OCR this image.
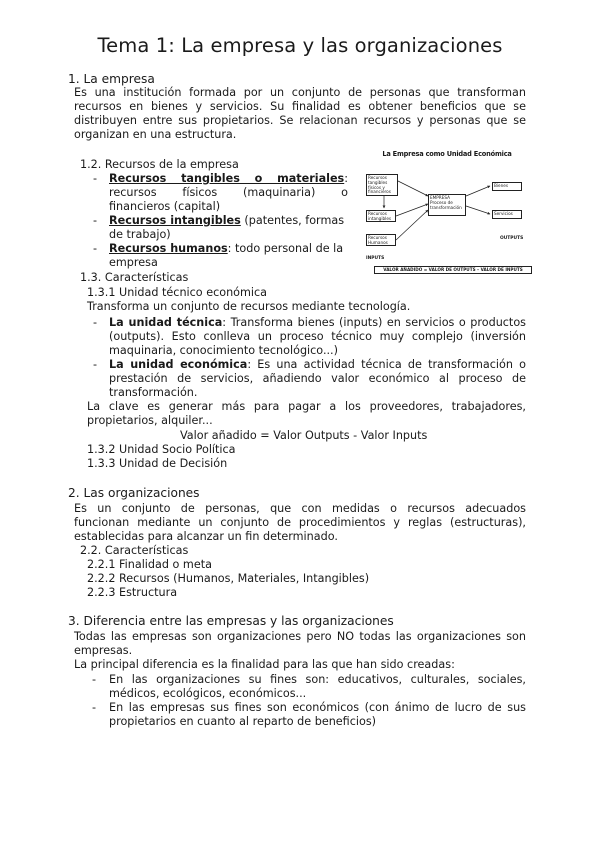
Tema 1: La empresa y las organizaciones
1. La empresa
Es una institución formada por un conjunto de personas que transforman
recursos en bienes y servicios. Su finalidad es obtener beneficios que se
distribuyen entre sus propietarios. Se relacionan recursos y personas que se
organizan en una estructura.
1.2. Recursos de la empresa
- Recursos tangibles o materiales:
recursos físicos (maquinaria) o
financieros (capital)
- Recursos intangibles (patentes, formas
de trabajo)
- Recursos humanos: todo personal de la
empresa
1.3. Características
1.3.1 Unidad técnico económica
Transforma un conjunto de recursos mediante tecnología.
- La unidad técnica: Transforma bienes (inputs) en servicios o productos
(outputs). Esto conlleva un proceso técnico muy complejo (inversión
maquinaria, conocimiento tecnológico...)
- La unidad económica: Es una actividad técnica de transformación o
prestación de servicios, añadiendo valor económico al proceso de
transformación.
La clave es generar más para pagar a los proveedores, trabajadores,
propietarios, alquiler...
Valor añadido = Valor Outputs - Valor Inputs
1.3.2 Unidad Socio Política
1.3.3 Unidad de Decisión
La Empresa como Unidad Económica
Recursos tangibles físicos y financieros
Recursos intangibles
Recursos Humanos
EMPRESA
Proceso de
transformación
Bienes
Servicios
INPUTS
OUTPUTS
VALOR AÑADIDO = VALOR DE OUTPUTS – VALOR DE INPUTS
2. Las organizaciones
Es un conjunto de personas, que con medidas o recursos adecuados
funcionan mediante un conjunto de procedimientos y reglas (estructuras),
establecidas para alcanzar un fin determinado.
2.2. Características
2.2.1 Finalidad o meta
2.2.2 Recursos (Humanos, Materiales, Intangibles)
2.2.3 Estructura
3. Diferencia entre las empresas y las organizaciones
Todas las empresas son organizaciones pero NO todas las organizaciones son
empresas.
La principal diferencia es la finalidad para las que han sido creadas:
- En las organizaciones su fines son: educativos, culturales, sociales,
médicos, ecológicos, económicos...
- En las empresas sus fines son económicos (con ánimo de lucro de sus
propietarios en cuanto al reparto de beneficios)
